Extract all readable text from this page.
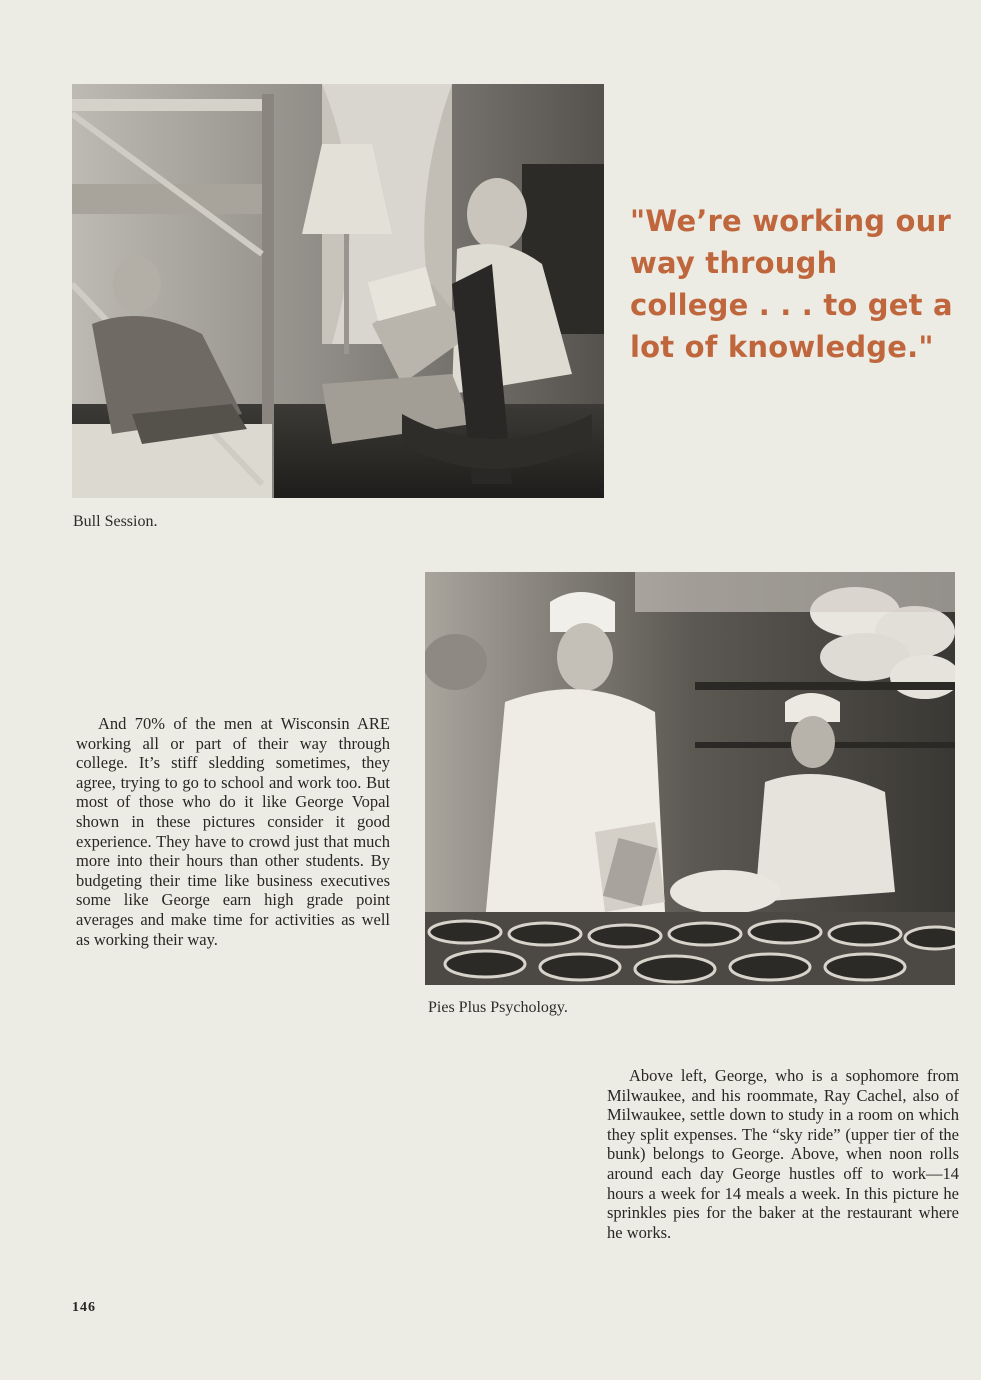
Bull Session.

"We’re working our way through college . . . to get a lot of knowledge."

Pies Plus Psychology.

And 70% of the men at Wisconsin ARE working all or part of their way through college. It’s stiff sledding sometimes, they agree, trying to go to school and work too. But most of those who do it like George Vopal shown in these pictures consider it good experience. They have to crowd just that much more into their hours than other students. By budgeting their time like business executives some like George earn high grade point averages and make time for activities as well as working their way.

Above left, George, who is a sophomore from Milwaukee, and his roommate, Ray Cachel, also of Milwaukee, settle down to study in a room on which they split expenses. The “sky ride” (upper tier of the bunk) belongs to George. Above, when noon rolls around each day George hustles off to work—14 hours a week for 14 meals a week. In this picture he sprinkles pies for the baker at the restaurant where he works.

146
